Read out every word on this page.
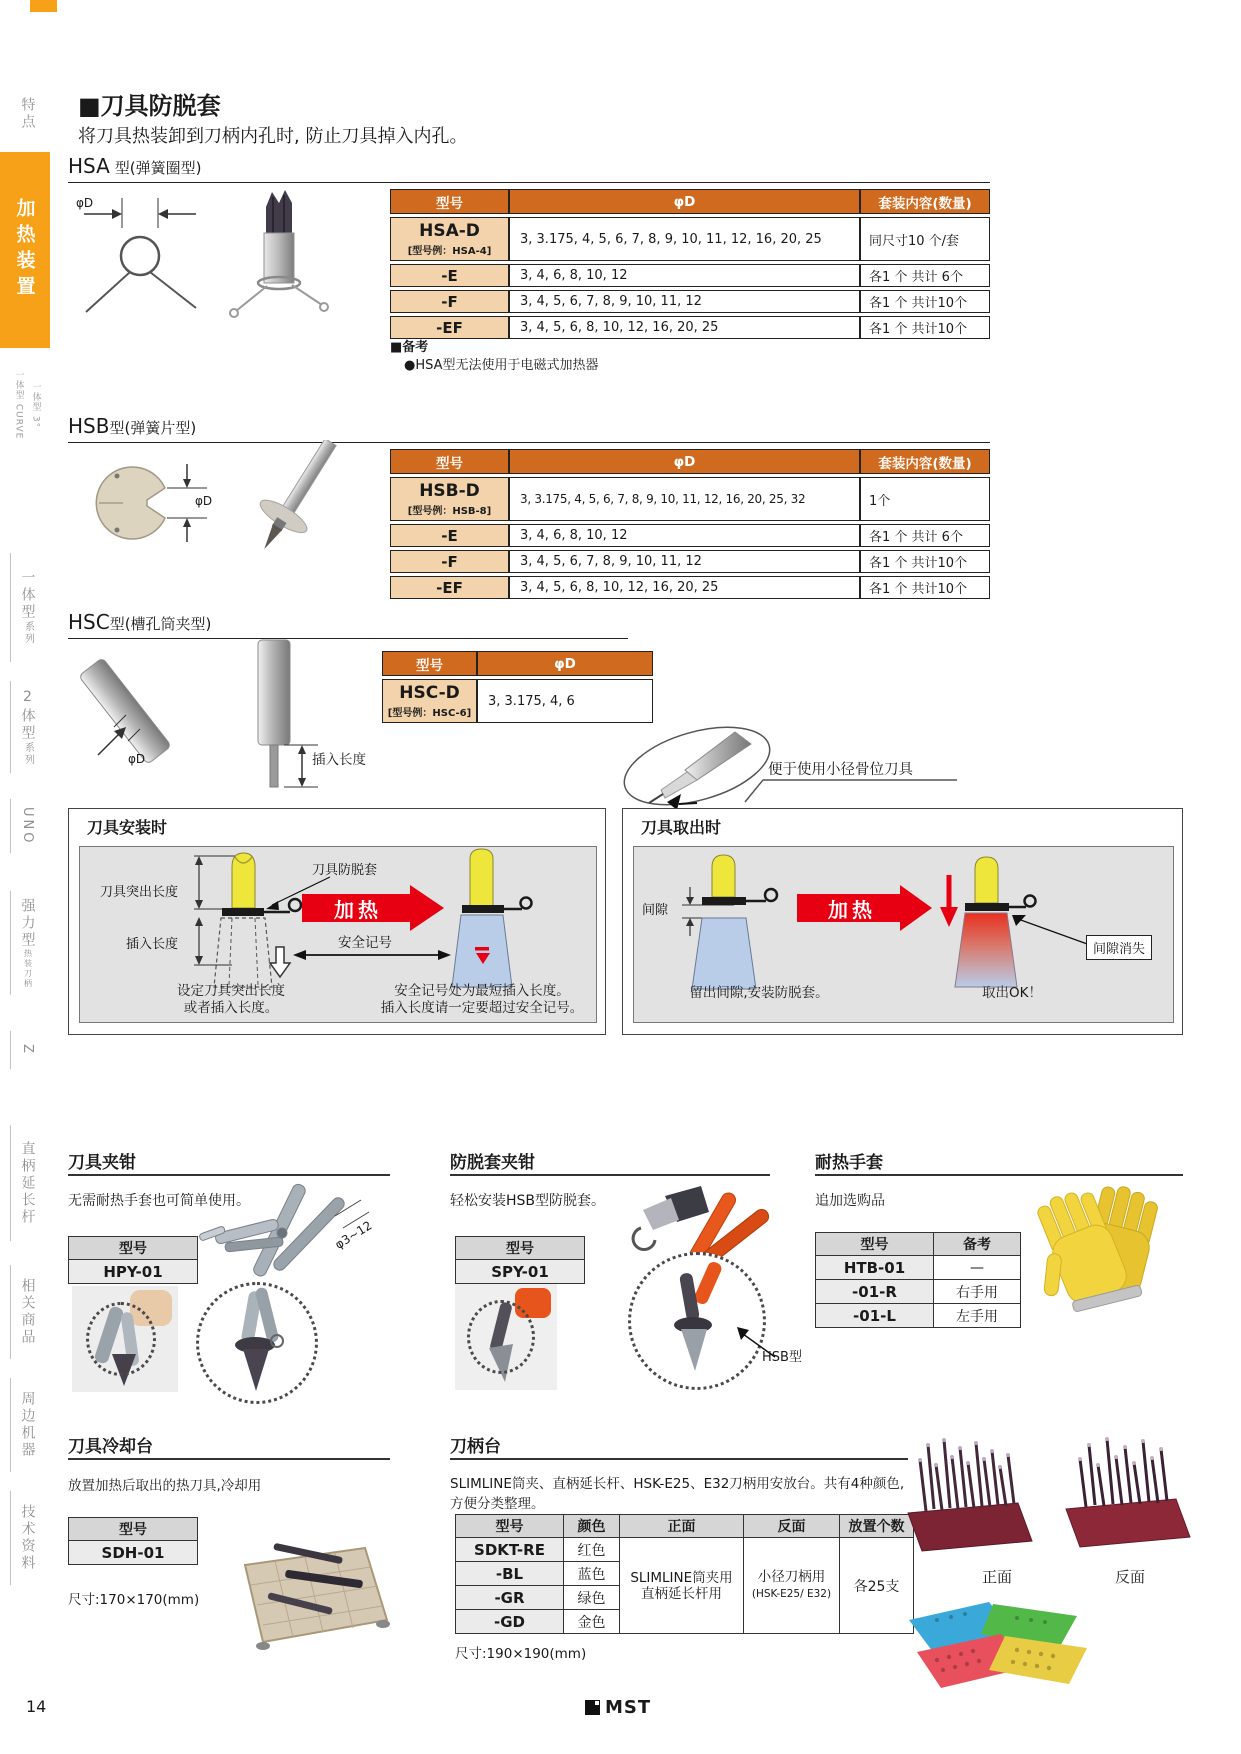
特点
加热装置
一体型 CURVE 一体型 3°
一体型系列
2体型系列
UNO
强力型热装刀柄
Z
直柄延长杆
相关商品
周边机器
技术资料
■刀具防脱套
将刀具热装卸到刀柄内孔时, 防止刀具掉入内孔。
HSA 型(弹簧圈型)
φD	型号	φD	套装内容(数量)
HSA-D
[型号例：HSA-4]	3, 3.175, 4, 5, 6, 7, 8, 9, 10, 11, 12, 16, 20, 25	同尺寸10 个/套
-E	3, 4, 6, 8, 10, 12	各1 个 共计 6个
-F	3, 4, 5, 6, 7, 8, 9, 10, 11, 12	各1 个 共计10个
-EF	3, 4, 5, 6, 8, 10, 12, 16, 20, 25	各1 个 共计10个
■备考
●HSA型无法使用于电磁式加热器
HSB型(弹簧片型)
φD
型号	φD	套装内容(数量)
HSB-D
[型号例：HSB-8]	3, 3.175, 4, 5, 6, 7, 8, 9, 10, 11, 12, 16, 20, 25, 32	1个
-E	3, 4, 6, 8, 10, 12	各1 个 共计 6个
-F	3, 4, 5, 6, 7, 8, 9, 10, 11, 12	各1 个 共计10个
-EF	3, 4, 5, 6, 8, 10, 12, 16, 20, 25	各1 个 共计10个
HSC型(槽孔筒夹型)
φD	插入长度
型号	φD
HSC-D
[型号例：HSC-6]	3, 3.175, 4, 6
便于使用小径骨位刀具
刀具安装时
刀具突出长度
插入长度
刀具防脱套
加热
安全记号
设定刀具突出长度
或者插入长度。
安全记号处为最短插入长度。
插入长度请一定要超过安全记号。
刀具取出时
间隙	加热
间隙消失
留出间隙,安装防脱套。	取出OK！
刀具夹钳
无需耐热手套也可简单使用。
型号
HPY-01
φ3~12
防脱套夹钳
轻松安装HSB型防脱套。
型号
SPY-01
HSB型
耐热手套
追加选购品
型号	备考
HTB-01	—
-01-R	右手用
-01-L	左手用
刀具冷却台
放置加热后取出的热刀具,冷却用
型号
SDH-01
尺寸:170×170(mm)
刀柄台
SLIMLINE筒夹、直柄延长杆、HSK-E25、E32刀柄用安放台。共有4种颜色,
方便分类整理。
型号	颜色	正面	反面	放置个数
SDKT-RE	红色	SLIMLINE筒夹用
直柄延长杆用	小径刀柄用
(HSK-E25/ E32)	各25支
-BL	蓝色			
-GR	绿色			
-GD	金色			
尺寸:190×190(mm)
正面	反面
14	MST
